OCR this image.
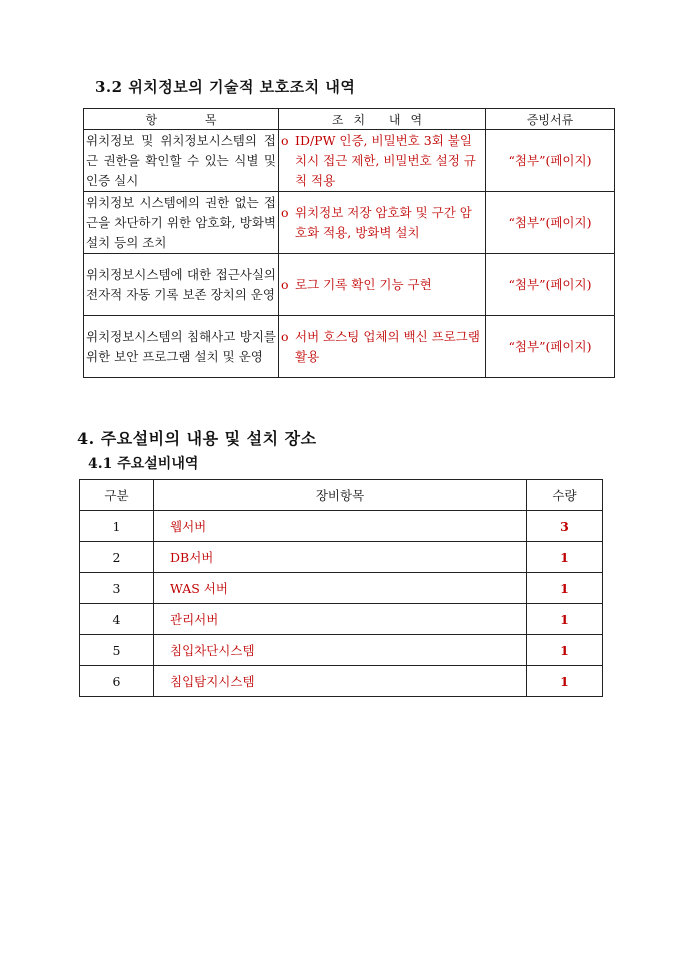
3.2 위치정보의 기술적 보호조치 내역
항 목	조치 내역	증빙서류
위치정보 및 위치정보시스템의 접근 권한을 확인할 수 있는 식별 및 인증 실시	o ID/PW 인증, 비밀번호 3회 불일치시 접근 제한, 비밀번호 설정 규칙 적용	“첨부”(페이지)
위치정보 시스템에의 권한 없는 접근을 차단하기 위한 암호화, 방화벽 설치 등의 조치	o 위치정보 저장 암호화 및 구간 암호화 적용, 방화벽 설치	“첨부”(페이지)
위치정보시스템에 대한 접근사실의 전자적 자동 기록 보존 장치의 운영	o 로그 기록 확인 기능 구현	“첨부”(페이지)
위치정보시스템의 침해사고 방지를 위한 보안 프로그램 설치 및 운영	o 서버 호스팅 업체의 백신 프로그램 활용	“첨부”(페이지)
4. 주요설비의 내용 및 설치 장소
4.1 주요설비내역
구분	장비항목	수량
1	웹서버	3
2	DB서버	1
3	WAS 서버	1
4	관리서버	1
5	침입차단시스템	1
6	침입탐지시스템	1
